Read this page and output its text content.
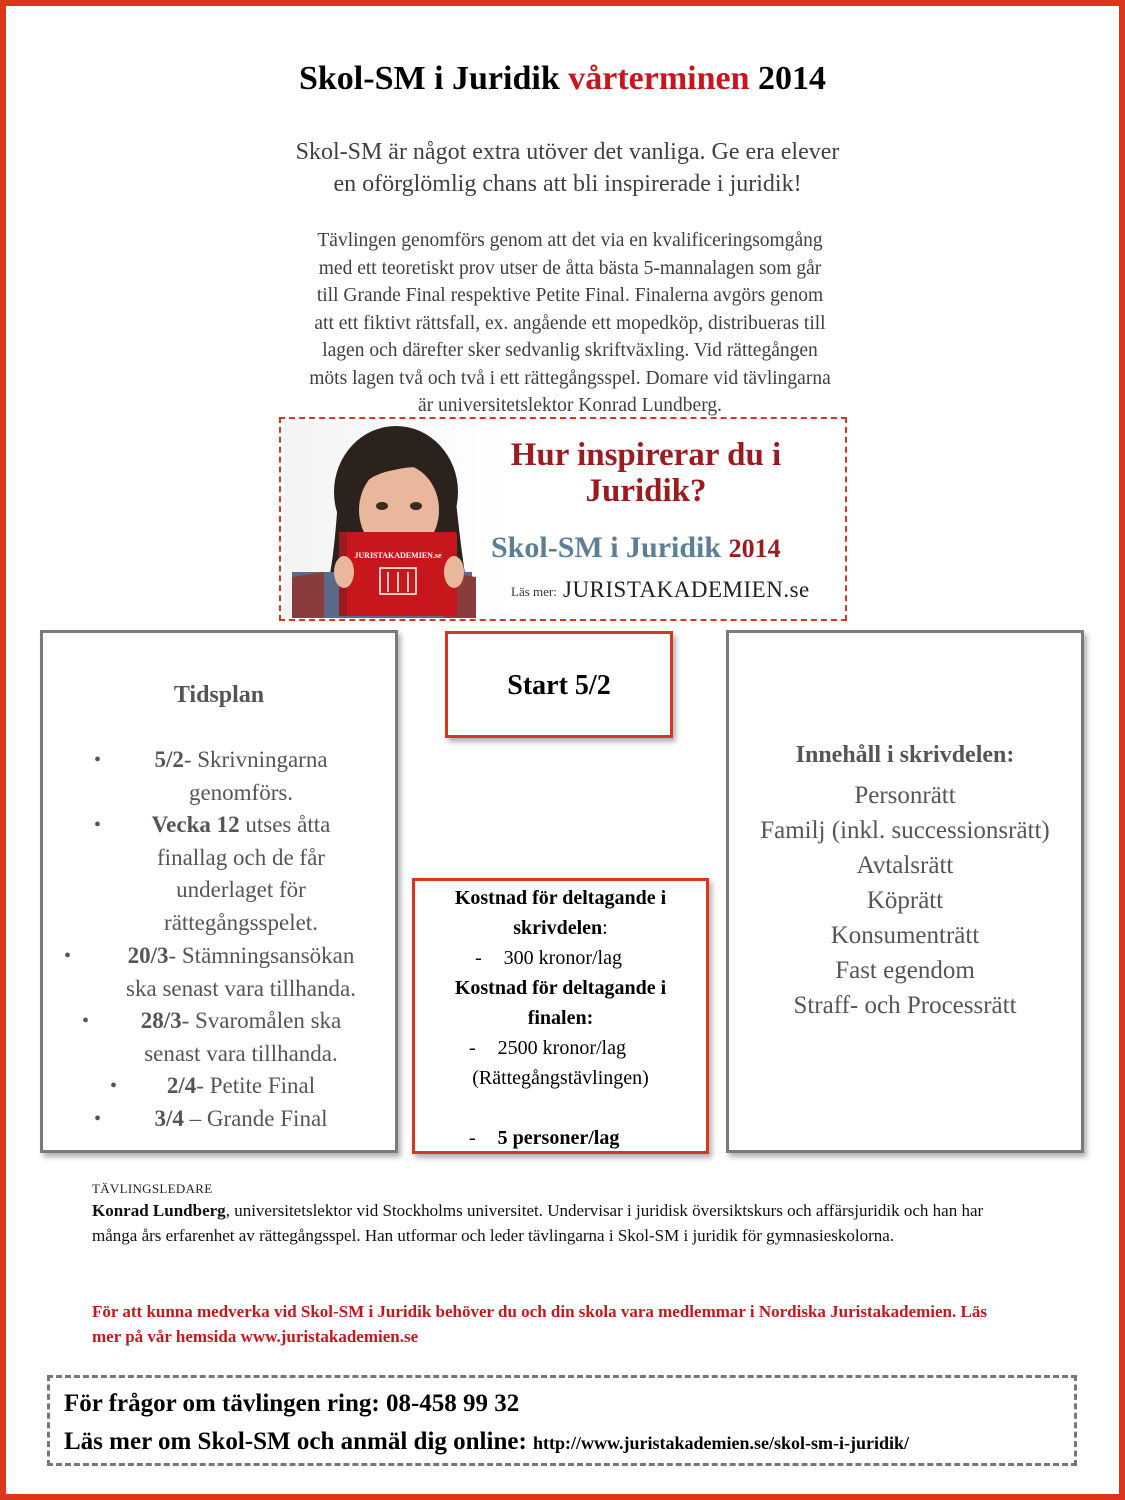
Skol-SM i Juridik vårterminen 2014
Skol-SM är något extra utöver det vanliga. Ge era elever
en oförglömlig chans att bli inspirerade i juridik!
Tävlingen genomförs genom att det via en kvalificeringsomgång
med ett teoretiskt prov utser de åtta bästa 5-mannalagen som går
till Grande Final respektive Petite Final. Finalerna avgörs genom
att ett fiktivt rättsfall, ex. angående ett mopedköp, distribueras till
lagen och därefter sker sedvanlig skriftväxling. Vid rättegången
möts lagen två och två i ett rättegångsspel. Domare vid tävlingarna
är universitetslektor Konrad Lundberg.
JURISTAKADEMIEN.se
Hur inspirerar du i
Juridik?
Skol-SM i Juridik 2014
Läs mer: JURISTAKADEMIEN.se
Tidsplan
•	5/2- Skrivningarna
genomförs.
•	Vecka 12 utses åtta
finallag och de får
underlaget för
rättegångsspelet.
•	20/3- Stämningsansökan
ska senast vara tillhanda.
•	28/3- Svaromålen ska
senast vara tillhanda.
•	2/4- Petite Final
•	3/4 – Grande Final
Start 5/2
Kostnad för deltagande i
skrivdelen:
- 300 kronor/lag
Kostnad för deltagande i
finalen:
- 2500 kronor/lag
(Rättegångstävlingen)
- 5 personer/lag
Innehåll i skrivdelen:
Personrätt
Familj (inkl. successionsrätt)
Avtalsrätt
Köprätt
Konsumenträtt
Fast egendom
Straff- och Processrätt
TÄVLINGSLEDARE
Konrad Lundberg, universitetslektor vid Stockholms universitet. Undervisar i juridisk översiktskurs och affärsjuridik och han har många års erfarenhet av rättegångsspel. Han utformar och leder tävlingarna i Skol-SM i juridik för gymnasieskolorna.
För att kunna medverka vid Skol-SM i Juridik behöver du och din skola vara medlemmar i Nordiska Juristakademien. Läs mer på vår hemsida www.juristakademien.se
För frågor om tävlingen ring: 08-458 99 32
Läs mer om Skol-SM och anmäl dig online: http://www.juristakademien.se/skol-sm-i-juridik/
